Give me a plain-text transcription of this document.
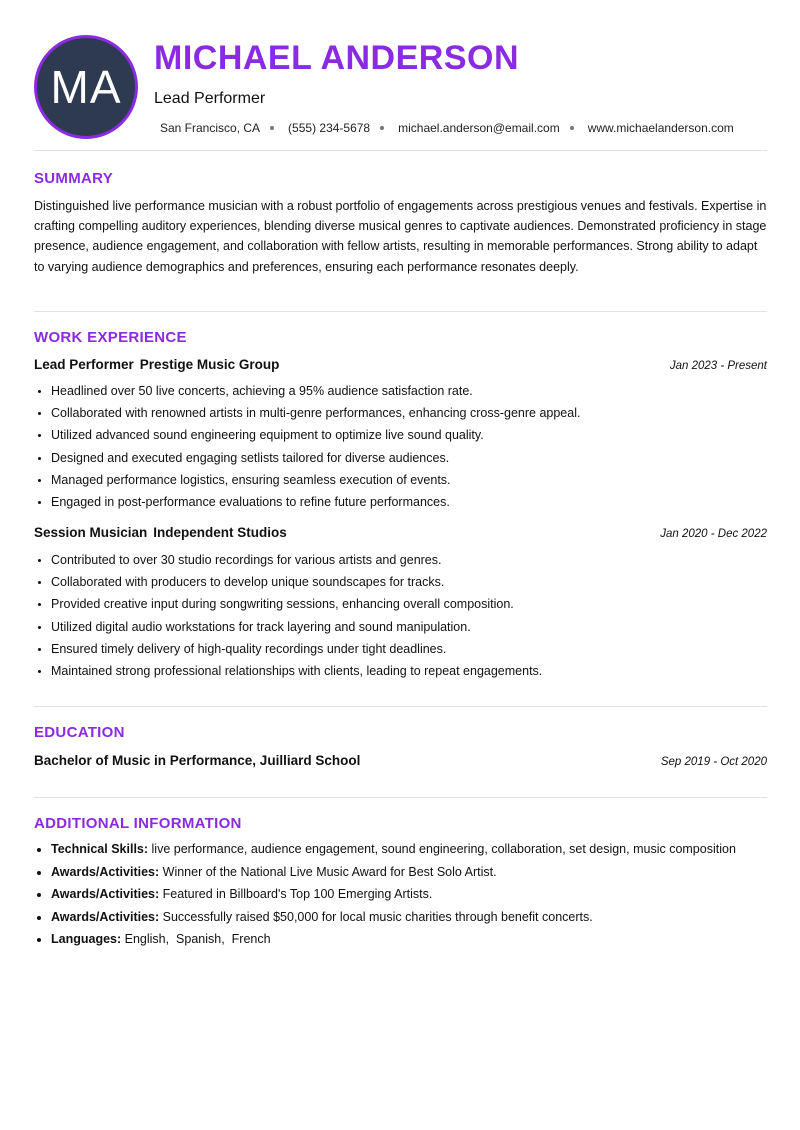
MA
MICHAEL ANDERSON
Lead Performer
San Francisco, CA (555) 234-5678 michael.anderson@email.com www.michaelanderson.com
SUMMARY

Distinguished live performance musician with a robust portfolio of engagements across prestigious venues and festivals. Expertise in crafting compelling auditory experiences, blending diverse musical genres to captivate audiences. Demonstrated proficiency in stage presence, audience engagement, and collaboration with fellow artists, resulting in memorable performances. Strong ability to adapt to varying audience demographics and preferences, ensuring each performance resonates deeply.

WORK EXPERIENCE
Lead Performer Prestige Music Group	Jan 2023 - Present
• Headlined over 50 live concerts, achieving a 95% audience satisfaction rate.
• Collaborated with renowned artists in multi-genre performances, enhancing cross-genre appeal.
• Utilized advanced sound engineering equipment to optimize live sound quality.
• Designed and executed engaging setlists tailored for diverse audiences.
• Managed performance logistics, ensuring seamless execution of events.
• Engaged in post-performance evaluations to refine future performances.
Session Musician Independent Studios	Jan 2020 - Dec 2022
• Contributed to over 30 studio recordings for various artists and genres.
• Collaborated with producers to develop unique soundscapes for tracks.
• Provided creative input during songwriting sessions, enhancing overall composition.
• Utilized digital audio workstations for track layering and sound manipulation.
• Ensured timely delivery of high-quality recordings under tight deadlines.
• Maintained strong professional relationships with clients, leading to repeat engagements.
EDUCATION
Bachelor of Music in Performance, Juilliard School	Sep 2019 - Oct 2020
ADDITIONAL INFORMATION
• Technical Skills: live performance, audience engagement, sound engineering, collaboration, set design, music composition
• Awards/Activities: Winner of the National Live Music Award for Best Solo Artist.
• Awards/Activities: Featured in Billboard's Top 100 Emerging Artists.
• Awards/Activities: Successfully raised $50,000 for local music charities through benefit concerts.
• Languages: English,  Spanish,  French
